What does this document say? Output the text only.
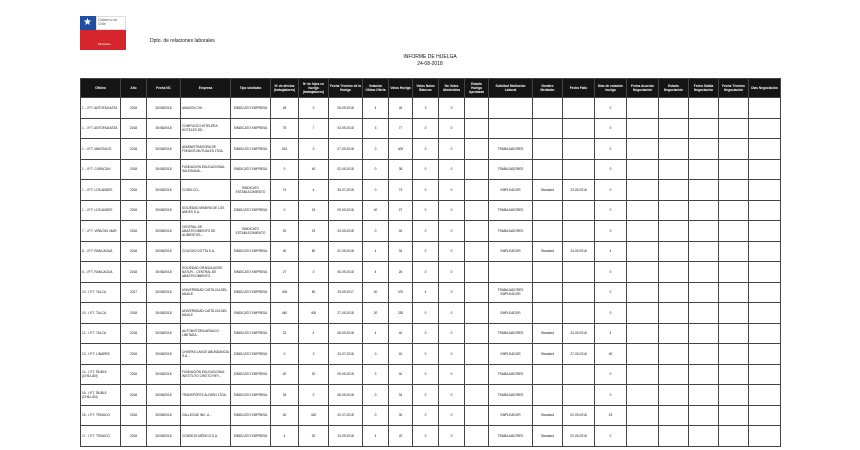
★ Gobierno de
Chile
Ministerio	Dpto. de relaciones laborales
INFORME DE HUELGA
24-08-2018
Oficina	Año	Fecha NC	Empresa	Tipo sindicato	Nº de afectos (trabajadores)	Nº de hijos en huelga (trabajadores)	Fecha Término de la Huelga	Votación Última Oferta	Votos Huelga	Votos Nulos Blancos	No Votos Abstenidos	Estado Huelga Aprobada	Solicitud Mediación Laboral	Nombre Mediador	Fecha Fallo	Días de votación huelga	Fecha Acuerdo Negociación	Estado Negociación	Fecha Salida Negociación	Fecha Término Negociación	Días Negociación
1 - I.P.T. ANTOFAGASTA	2018	30/08/2018	AMAZON CHI...	SINDICATO EMPRESA	45	0	06-09-2018	4	26	3	0					0					
1 - I.P.T. ANTOFAGASTA	2018	30/08/2018	COMPLEJO HOTELERA HOTELES DE...	SINDICATO EMPRESA	75	7	03-09-2018	3	77	0	0					0					
1 - I.P.T. MANTIAGO	2018	30/08/2018	ADMINISTRADORA DE FONDOS MUTUALES LTDA.	SINDICATO EMPRESA	424	0	07-09-2018	0	400	0	0		TRABAJADORES			0					
1 - I.P.T. CURACAVI	2018	30/08/2018	FUNDACIÓN EDUCACIONAL SALESIANA...	SINDICATO EMPRESA	0	40	02-09-2018	0	38	0	0		TRABAJADORES			0					
1 - I.P.T. LOS ANDES	2018	30/08/2018	CODELCO...	SINDICATO ESTABLECIMIENTO	74	4	30-07-2018	0	73	0	0		EMPLEADOR	Standard	23-09-2018	0					
1 - I.P.T. LOS ANDES	2018	30/08/2018	SOCIEDAD MINERA DE LOS ANDES S.A.	SINDICATO EMPRESA	0	24	09-09-2018	40	27	0	0		TRABAJADORES			0					
7 - I.P.T. VIÑA DEL MAR	2018	30/08/2018	CENTRAL DE ABASTECIMIENTO DE ALIMENTOS...	SINDICATO ESTABLECIMIENTO	20	23	03-09-2018	0	40	0	0		TRABAJADORES			0					
8 - I.P.T. RANCAGUA	2018	30/08/2018	COLEGIO DOTTA S.A.	SINDICATO EMPRESA	40	80	02-09-2018	4	34	0	0		EMPLEADOR	Standard	24-09-2018	4					
8 - I.P.T. RANCAGUA	2018	30/08/2018	SOCIEDAD GRANJA AGRO NATUR... CENTRAL DE ABASTECIMIENTO...	SINDICATO EMPRESA	27	0	06-09-2018	4	26	0	0					0					
10 - I.P.T. TALCA	2017	30/08/2018	UNIVERSIDAD CATÓLICA DEL MAULE	SINDICATO EMPRESA	494	80	29-09-2017	40	470	4	0		TRABAJADORES EMPLEADOR			0					
10 - I.P.T. TALCA	2018	30/08/2018	UNIVERSIDAD CATÓLICA DEL MAULE	SINDICATO EMPRESA	440	400	27-09-2018	20	230	0	0		EMPLEADOR			0					
12 - I.P.T. TALCA	2018	30/08/2018	AUTOMOTORA ARAUCO LIMITADA...	SINDICATO EMPRESA	22	4	08-09-2018	4	40	0	0		TRABAJADORES	Standard	24-09-2018	4					
13 - I.P.T. LINARES	2018	30/08/2018	CHISPAS LANCE ABUNDANCIA S.A...	SINDICATO EMPRESA	0	3	23-07-2018	0	40	0	0		EMPLEADOR	Standard	27-09-2018	40					
14 - I.P.T. ÑUBLE (CHILLÁN)	2018	30/08/2018	FUNDACIÓN EDUCACIONAL INSTITUTO CRISTO REY...	SINDICATO EMPRESA	40	20	09-09-2018	3	40	0	0		TRABAJADORES			0					
15 - I.P.T. ÑUBLE (CHILLÁN)	2018	30/08/2018	TRANSPORTE ALFARO LTDA.	SINDICATO EMPRESA	34	0	08-09-2018	0	34	0	0		TRABAJADORES			0					
16 - I.P.T. TEMUCO	2018	30/08/2018	CALLEGUE INC. A...	SINDICATO EMPRESA	40	420	20-07-2018	0	30	0	0		EMPLEADOR	Standard	02-09-2018	23					
17 - I.P.T. TEMUCO	2018	30/08/2018	CONSEJO MÉDICO S.A.	SINDICATO EMPRESA	4	20	24-09-2018	4	20	0	0		TRABAJADORES	Standard	02-09-2018	0					
